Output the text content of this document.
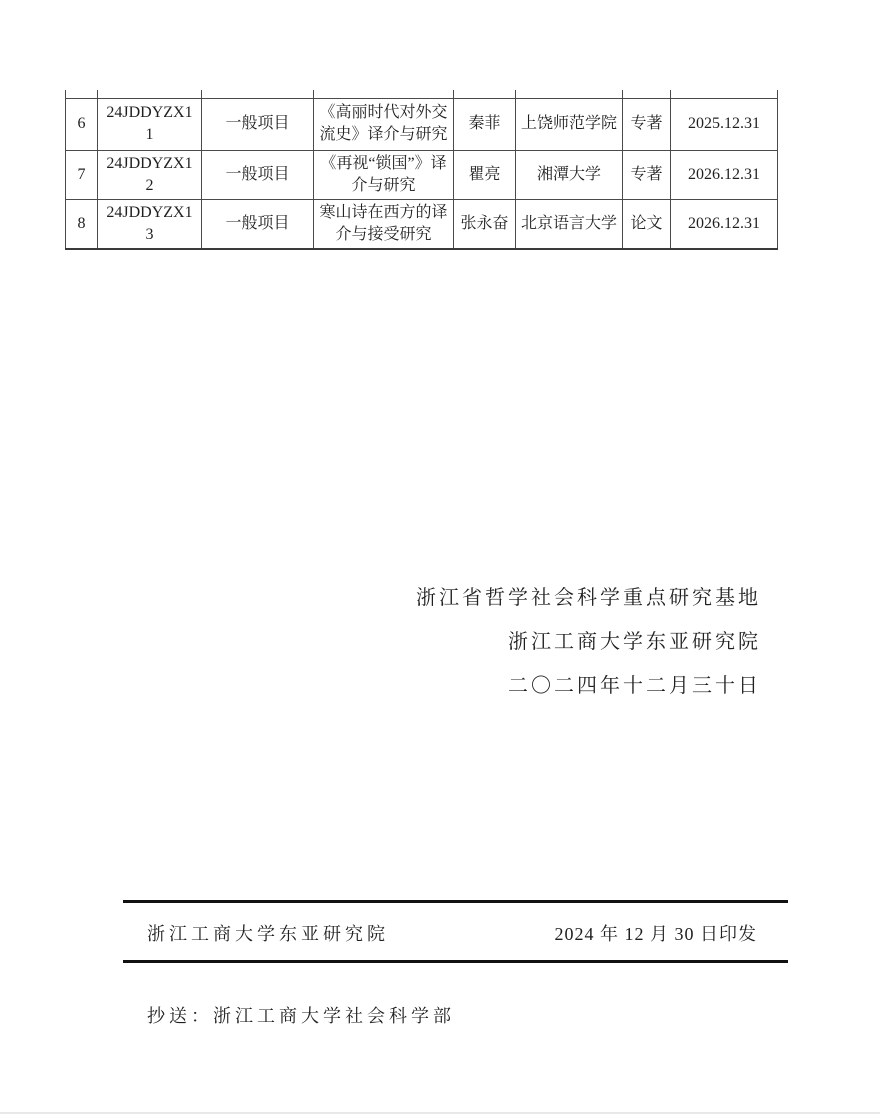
6	24JDDYZX11	一般项目	《高丽时代对外交流史》译介与研究	秦菲	上饶师范学院	专著	2025.12.31
7	24JDDYZX12	一般项目	《再视“锁国”》译介与研究	瞿亮	湘潭大学	专著	2026.12.31
8	24JDDYZX13	一般项目	寒山诗在西方的译介与接受研究	张永奋	北京语言大学	论文	2026.12.31
浙江省哲学社会科学重点研究基地
浙江工商大学东亚研究院
二〇二四年十二月三十日
浙江工商大学东亚研究院	2024 年 12 月 30 日印发
抄送：浙江工商大学社会科学部
